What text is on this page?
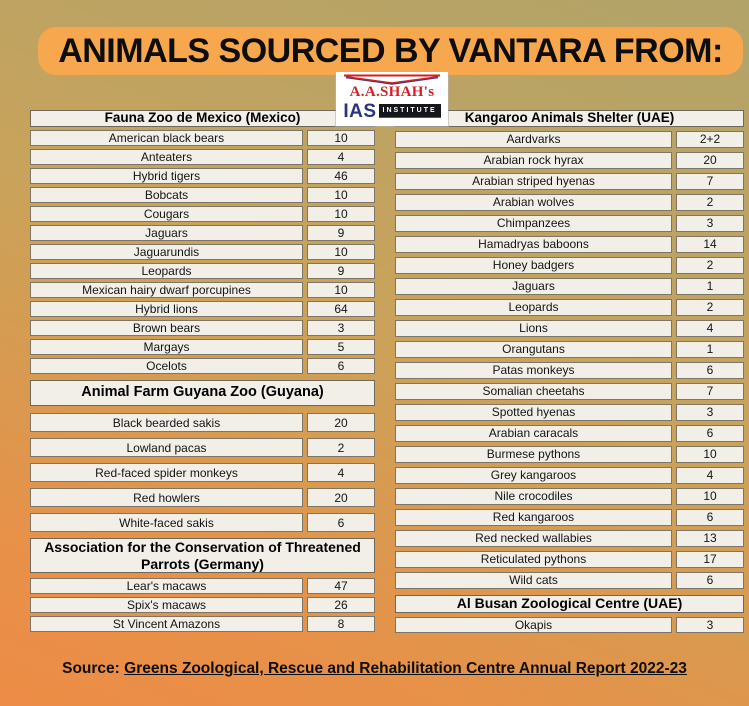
ANIMALS SOURCED BY VANTARA FROM:
A.A.SHAH's
IAS INSTITUTE
Fauna Zoo de Mexico (Mexico)
American black bears	10
Anteaters	4
Hybrid tigers	46
Bobcats	10
Cougars	10
Jaguars	9
Jaguarundis	10
Leopards	9
Mexican hairy dwarf porcupines	10
Hybrid lions	64
Brown bears	3
Margays	5
Ocelots	6
Animal Farm Guyana Zoo (Guyana)
Black bearded sakis	20
Lowland pacas	2
Red-faced spider monkeys	4
Red howlers	20
White-faced sakis	6
Association for the Conservation of Threatened Parrots (Germany)
Lear's macaws	47
Spix's macaws	26
St Vincent Amazons	8
Kangaroo Animals Shelter (UAE)
Aardvarks	2+2
Arabian rock hyrax	20
Arabian striped hyenas	7
Arabian wolves	2
Chimpanzees	3
Hamadryas baboons	14
Honey badgers	2
Jaguars	1
Leopards	2
Lions	4
Orangutans	1
Patas monkeys	6
Somalian cheetahs	7
Spotted hyenas	3
Arabian caracals	6
Burmese pythons	10
Grey kangaroos	4
Nile crocodiles	10
Red kangaroos	6
Red necked wallabies	13
Reticulated pythons	17
Wild cats	6
Al Busan Zoological Centre (UAE)
Okapis	3
Source: Greens Zoological, Rescue and Rehabilitation Centre Annual Report 2022-23
